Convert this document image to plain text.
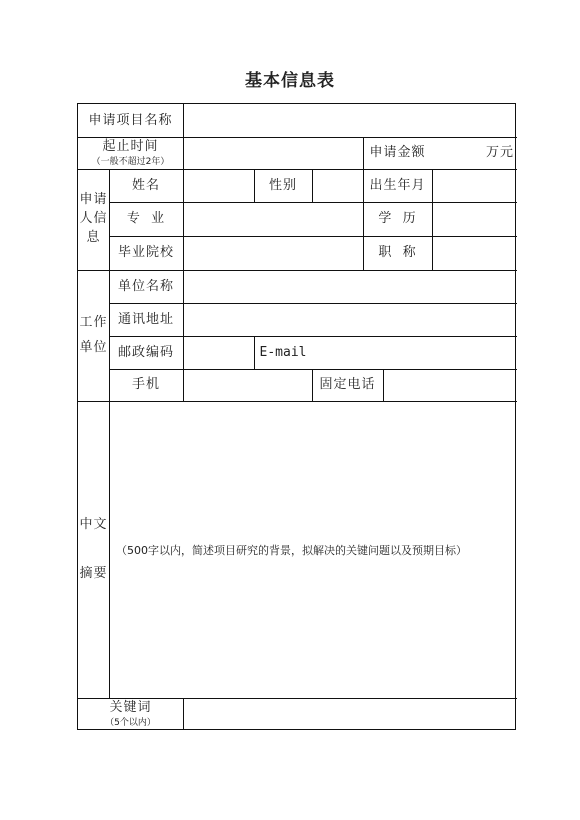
基本信息表
申请项目名称
起止时间
（一般不超过2年）
申请金额	万元
申请人信息
姓名	性别	出生年月
专  业	学  历
毕业院校	职  称
工作单位
单位名称
通讯地址
邮政编码	E-mail
手机	固定电话
中文摘要
（500字以内，简述项目研究的背景，拟解决的关键问题以及预期目标）
关键词
（5个以内）
